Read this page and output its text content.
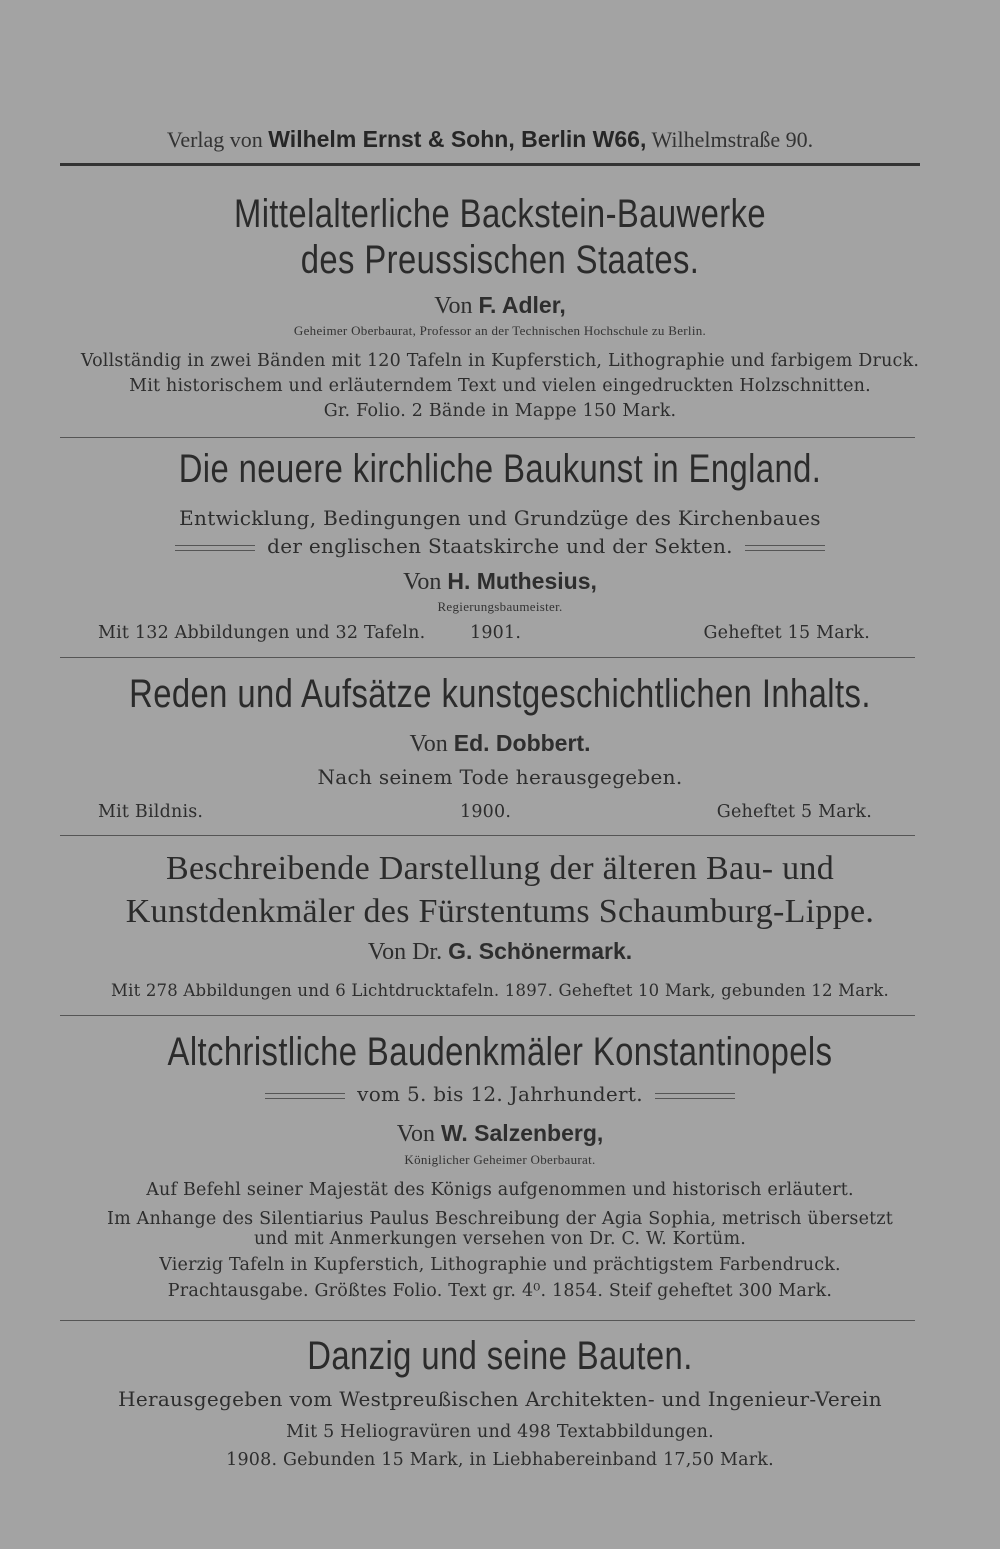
Verlag von Wilhelm Ernst & Sohn, Berlin W66, Wilhelmstraße 90.
Mittelalterliche Backstein-Bauwerke
des Preussischen Staates.
Von F. Adler,
Geheimer Oberbaurat, Professor an der Technischen Hochschule zu Berlin.
Vollständig in zwei Bänden mit 120 Tafeln in Kupferstich, Lithographie und farbigem Druck.
Mit historischem und erläuterndem Text und vielen eingedruckten Holzschnitten.
Gr. Folio. 2 Bände in Mappe 150 Mark.
Die neuere kirchliche Baukunst in England.
Entwicklung, Bedingungen und Grundzüge des Kirchenbaues
der englischen Staatskirche und der Sekten.
Von H. Muthesius,
Regierungsbaumeister.
Mit 132 Abbildungen und 32 Tafeln.	1901.	Geheftet 15 Mark.
Reden und Aufsätze kunstgeschichtlichen Inhalts.
Von Ed. Dobbert.
Nach seinem Tode herausgegeben.
Mit Bildnis.	1900.	Geheftet 5 Mark.
Beschreibende Darstellung der älteren Bau- und
Kunstdenkmäler des Fürstentums Schaumburg-Lippe.
Von Dr. G. Schönermark.
Mit 278 Abbildungen und 6 Lichtdrucktafeln. 1897. Geheftet 10 Mark, gebunden 12 Mark.
Altchristliche Baudenkmäler Konstantinopels
vom 5. bis 12. Jahrhundert.
Von W. Salzenberg,
Königlicher Geheimer Oberbaurat.
Auf Befehl seiner Majestät des Königs aufgenommen und historisch erläutert.
Im Anhange des Silentiarius Paulus Beschreibung der Agia Sophia, metrisch übersetzt
und mit Anmerkungen versehen von Dr. C. W. Kortüm.
Vierzig Tafeln in Kupferstich, Lithographie und prächtigstem Farbendruck.
Prachtausgabe. Größtes Folio. Text gr. 4⁰. 1854. Steif geheftet 300 Mark.
Danzig und seine Bauten.
Herausgegeben vom Westpreußischen Architekten- und Ingenieur-Verein
Mit 5 Heliogravüren und 498 Textabbildungen.
1908. Gebunden 15 Mark, in Liebhabereinband 17,50 Mark.
